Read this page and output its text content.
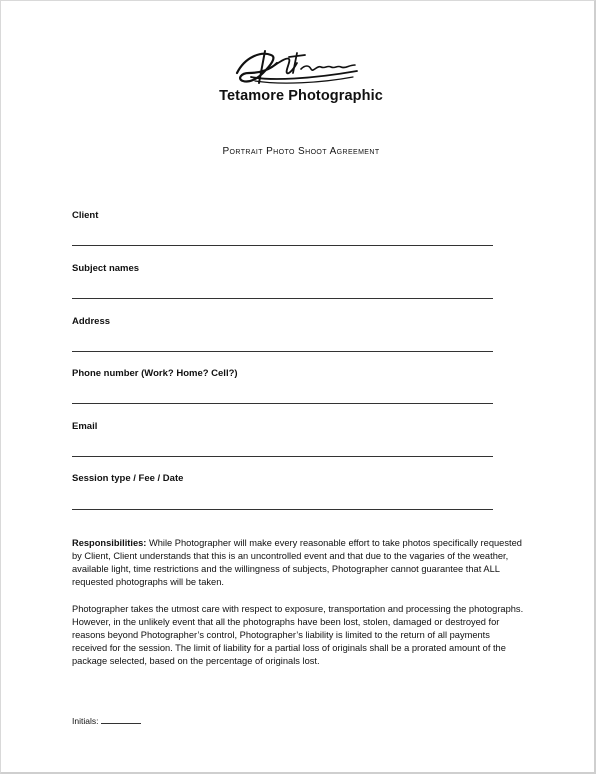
Tetamore Photographic
Portrait Photo Shoot Agreement
Client
Subject names
Address
Phone number (Work? Home? Cell?)
Email
Session type / Fee / Date
Responsibilities: While Photographer will make every reasonable effort to take photos specifically requested by Client, Client understands that this is an uncontrolled event and that due to the vagaries of the weather, available light, time restrictions and the willingness of subjects, Photographer cannot guarantee that ALL requested photographs will be taken.
Photographer takes the utmost care with respect to exposure, transportation and processing the photographs. However, in the unlikely event that all the photographs have been lost, stolen, damaged or destroyed for reasons beyond Photographer’s control, Photographer’s liability is limited to the return of all payments received for the session. The limit of liability for a partial loss of originals shall be a prorated amount of the package selected, based on the percentage of originals lost.
Initials:
